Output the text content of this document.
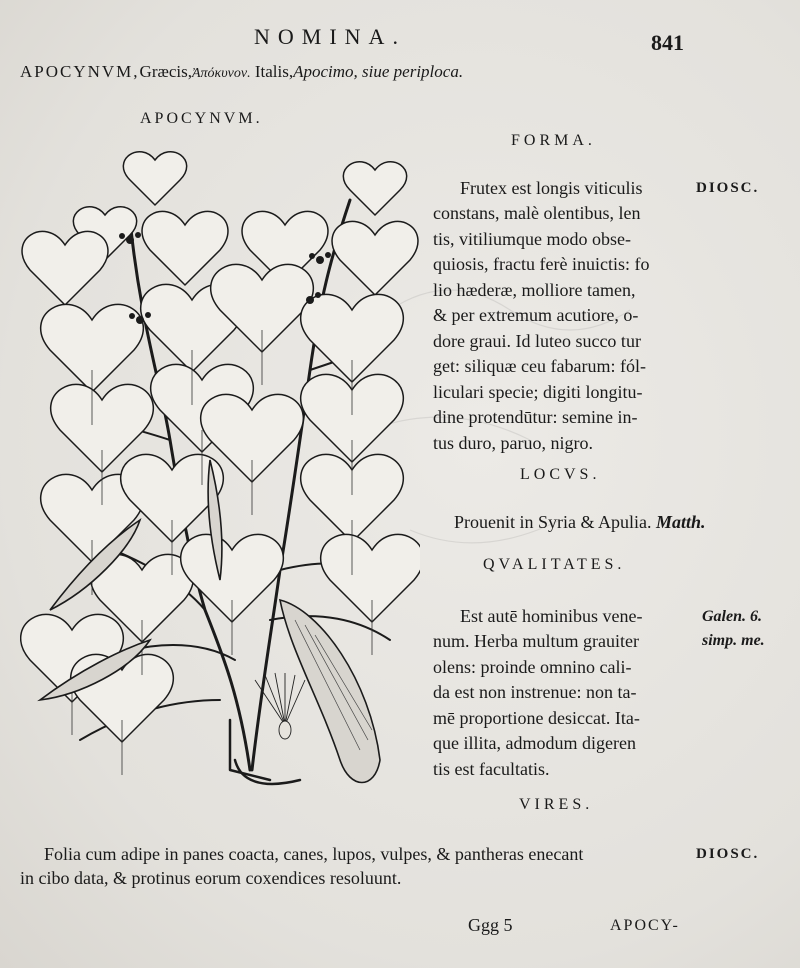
NOMINA.	841
APOCYNVM,Græcis,Ἀπόκυνον. Italis,Apocimo, siue periploca.
APOCYNVM.
FORMA.
DIOSC.
Frutex est longis viticulis
constans, malè olentibus, len
tis, vitiliumque modo obse-
quiosis, fractu ferè inuictis: fo
lio hæderæ, molliore tamen,
& per extremum acutiore, o-
dore graui. Id luteo succo tur
get: siliquæ ceu fabarum: fól-
liculari specie; digiti longitu-
dine protendūtur: semine in-
tus duro, paruo, nigro.
LOCVS.
Prouenit in Syria & Apulia. Matth.
QVALITATES.
Galen. 6.
simp. me.
Est autē hominibus vene-
num. Herba multum grauiter
olens: proinde omnino cali-
da est non instrenue: non ta-
mē proportione desiccat. Ita-
que illita, admodum digeren
tis est facultatis.
VIRES.
Folia cum adipe in panes coacta, canes, lupos, vulpes, & pantheras enecant	DIOSC.
in cibo data, & protinus eorum coxendices resoluunt.
Ggg 5	APOCY-
